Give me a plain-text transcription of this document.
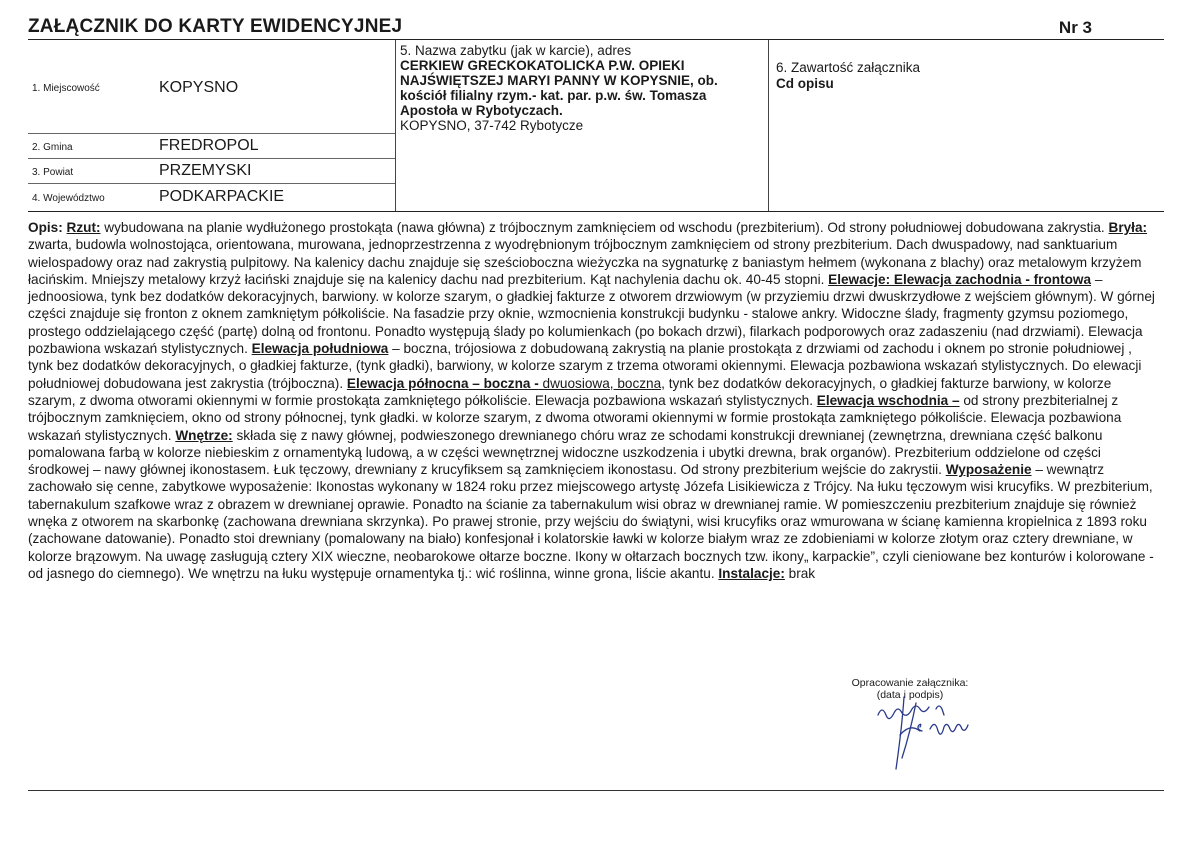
ZAŁĄCZNIK DO KARTY EWIDENCYJNEJ	Nr 3
1. Miejscowość	KOPYSNO
2. Gmina	FREDROPOL
3. Powiat	PRZEMYSKI
4. Województwo	PODKARPACKIE
5. Nazwa zabytku (jak w karcie), adres
CERKIEW GRECKOKATOLICKA P.W. OPIEKI NAJŚWIĘTSZEJ MARYI PANNY W KOPYSNIE, ob. kościół filialny rzym.- kat. par. p.w. św. Tomasza Apostoła w Rybotyczach.
KOPYSNO, 37-742 Rybotycze
6. Zawartość załącznika
Cd opisu
Opis: Rzut: wybudowana na planie wydłużonego prostokąta (nawa główna) z trójbocznym zamknięciem od wschodu (prezbiterium). Od strony południowej dobudowana zakrystia. Bryła: zwarta, budowla wolnostojąca, orientowana, murowana, jednoprzestrzenna z wyodrębnionym trójbocznym zamknięciem od strony prezbiterium. Dach dwuspadowy, nad sanktuarium wielospadowy oraz nad zakrystią pulpitowy. Na kalenicy dachu znajduje się sześcioboczna wieżyczka na sygnaturkę z baniastym hełmem (wykonana z blachy) oraz metalowym krzyżem łacińskim. Mniejszy metalowy krzyż łaciński znajduje się na kalenicy dachu nad prezbiterium. Kąt nachylenia dachu ok. 40-45 stopni. Elewacje: Elewacja zachodnia - frontowa – jednoosiowa, tynk bez dodatków dekoracyjnych, barwiony. w kolorze szarym, o gładkiej fakturze z otworem drzwiowym (w przyziemiu drzwi dwuskrzydłowe z wejściem głównym). W górnej części znajduje się fronton z oknem zamkniętym półkoliście. Na fasadzie przy oknie, wzmocnienia konstrukcji budynku - stalowe ankry. Widoczne ślady, fragmenty gzymsu poziomego, prostego oddzielającego część (partę) dolną od frontonu. Ponadto występują ślady po kolumienkach (po bokach drzwi), filarkach podporowych oraz zadaszeniu (nad drzwiami). Elewacja pozbawiona wskazań stylistycznych. Elewacja południowa – boczna, trójosiowa z dobudowaną zakrystią na planie prostokąta z drzwiami od zachodu i oknem po stronie południowej , tynk bez dodatków dekoracyjnych, o gładkiej fakturze, (tynk gładki), barwiony, w kolorze szarym z trzema otworami okiennymi. Elewacja pozbawiona wskazań stylistycznych. Do elewacji południowej dobudowana jest zakrystia (trójboczna). Elewacja północna – boczna - dwuosiowa, boczna, tynk bez dodatków dekoracyjnych, o gładkiej fakturze barwiony, w kolorze szarym, z dwoma otworami okiennymi w formie prostokąta zamkniętego półkoliście. Elewacja pozbawiona wskazań stylistycznych. Elewacja wschodnia – od strony prezbiterialnej z trójbocznym zamknięciem, okno od strony północnej, tynk gładki. w kolorze szarym, z dwoma otworami okiennymi w formie prostokąta zamkniętego półkoliście. Elewacja pozbawiona wskazań stylistycznych. Wnętrze: składa się z nawy głównej, podwieszonego drewnianego chóru wraz ze schodami konstrukcji drewnianej (zewnętrzna, drewniana część balkonu pomalowana farbą w kolorze niebieskim z ornamentyką ludową, a w części wewnętrznej widoczne uszkodzenia i ubytki drewna, brak organów). Prezbiterium oddzielone od części środkowej – nawy głównej ikonostasem. Łuk tęczowy, drewniany z krucyfiksem są zamknięciem ikonostasu. Od strony prezbiterium wejście do zakrystii. Wyposażenie – wewnątrz zachowało się cenne, zabytkowe wyposażenie: Ikonostas wykonany w 1824 roku przez miejscowego artystę Józefa Lisikiewicza z Trójcy. Na łuku tęczowym wisi krucyfiks. W prezbiterium, tabernakulum szafkowe wraz z obrazem w drewnianej oprawie. Ponadto na ścianie za tabernakulum wisi obraz w drewnianej ramie. W pomieszczeniu prezbiterium znajduje się również wnęka z otworem na skarbonkę (zachowana drewniana skrzynka). Po prawej stronie, przy wejściu do świątyni, wisi krucyfiks oraz wmurowana w ścianę kamienna kropielnica z 1893 roku (zachowane datowanie). Ponadto stoi drewniany (pomalowany na biało) konfesjonał i kolatorskie ławki w kolorze białym wraz ze zdobieniami w kolorze złotym oraz cztery drewniane, w kolorze brązowym. Na uwagę zasługują cztery XIX wieczne, neobarokowe ołtarze boczne. Ikony w ołtarzach bocznych tzw. ikony„ karpackie”, czyli cieniowane bez konturów i kolorowane - od jasnego do ciemnego). We wnętrzu na łuku występuje ornamentyka tj.: wić roślinna, winne grona, liście akantu. Instalacje: brak
Opracowanie załącznika:
(data i podpis)
